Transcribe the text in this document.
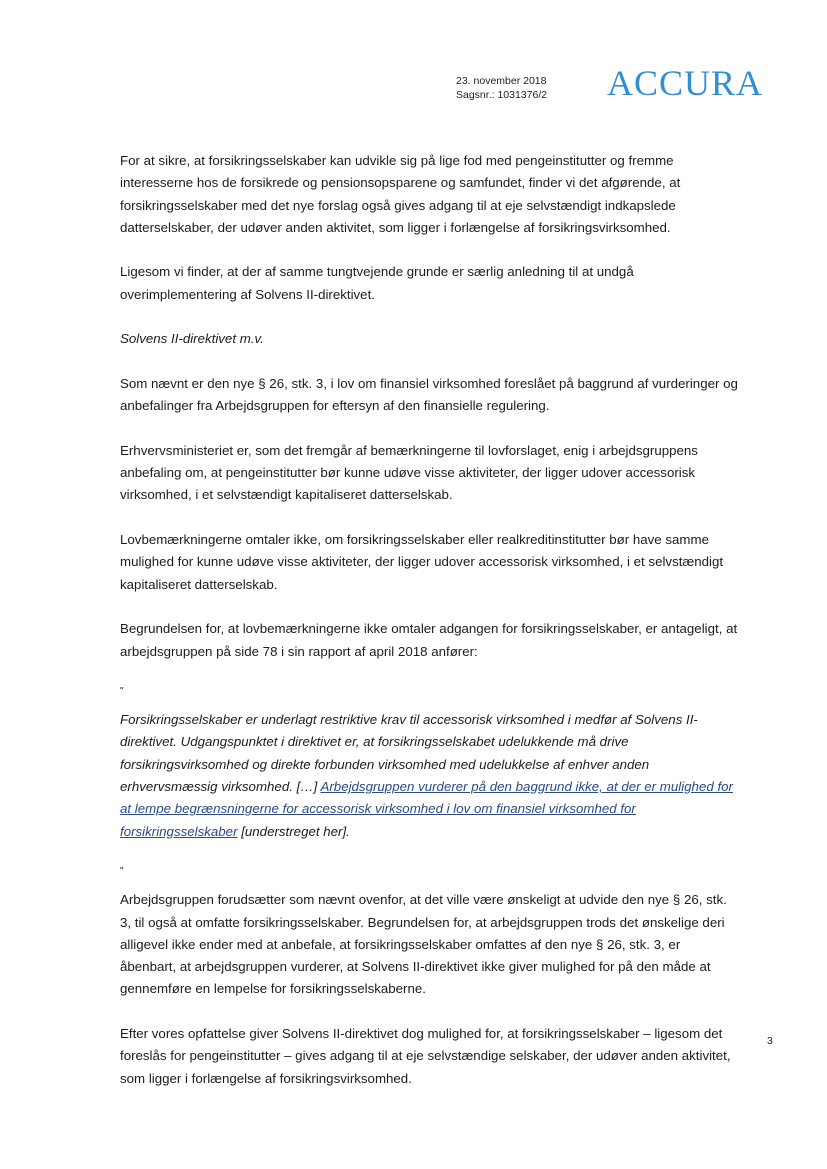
23. november 2018
Sagsnr.: 1031376/2 ACCURA

For at sikre, at forsikringsselskaber kan udvikle sig på lige fod med pengeinstitutter og fremme interesserne hos de forsikrede og pensionsopsparene og samfundet, finder vi det afgørende, at forsikringsselskaber med det nye forslag også gives adgang til at eje selvstændigt indkapslede datterselskaber, der udøver anden aktivitet, som ligger i forlængelse af forsikringsvirksomhed.

Ligesom vi finder, at der af samme tungtvejende grunde er særlig anledning til at undgå overimplementering af Solvens II-direktivet.

Solvens II-direktivet m.v.

Som nævnt er den nye § 26, stk. 3, i lov om finansiel virksomhed foreslået på baggrund af vurderinger og anbefalinger fra Arbejdsgruppen for eftersyn af den finansielle regulering.

Erhvervsministeriet er, som det fremgår af bemærkningerne til lovforslaget, enig i arbejdsgruppens anbefaling om, at pengeinstitutter bør kunne udøve visse aktiviteter, der ligger udover accessorisk virksomhed, i et selvstændigt kapitaliseret datterselskab.

Lovbemærkningerne omtaler ikke, om forsikringsselskaber eller realkreditinstitutter bør have samme mulighed for kunne udøve visse aktiviteter, der ligger udover accessorisk virksomhed, i et selvstændigt kapitaliseret datterselskab.

Begrundelsen for, at lovbemærkningerne ikke omtaler adgangen for forsikringsselskaber, er antageligt, at arbejdsgruppen på side 78 i sin rapport af april 2018 anfører:

"

Forsikringsselskaber er underlagt restriktive krav til accessorisk virksomhed i medfør af Solvens II-direktivet. Udgangspunktet i direktivet er, at forsikringsselskabet udelukkende må drive forsikringsvirksomhed og direkte forbunden virksomhed med udelukkelse af enhver anden erhvervsmæssig virksomhed. […] Arbejdsgruppen vurderer på den baggrund ikke, at der er mulighed for at lempe begrænsningerne for accessorisk virksomhed i lov om finansiel virksomhed for forsikringsselskaber [understreget her].

"

Arbejdsgruppen forudsætter som nævnt ovenfor, at det ville være ønskeligt at udvide den nye § 26, stk. 3, til også at omfatte forsikringsselskaber. Begrundelsen for, at arbejdsgruppen trods det ønskelige deri alligevel ikke ender med at anbefale, at forsikringsselskaber omfattes af den nye § 26, stk. 3, er åbenbart, at arbejdsgruppen vurderer, at Solvens II-direktivet ikke giver mulighed for på den måde at gennemføre en lempelse for forsikringsselskaberne.

Efter vores opfattelse giver Solvens II-direktivet dog mulighed for, at forsikringsselskaber – ligesom det foreslås for pengeinstitutter – gives adgang til at eje selvstændige selskaber, der udøver anden aktivitet, som ligger i forlængelse af forsikringsvirksomhed.

3
